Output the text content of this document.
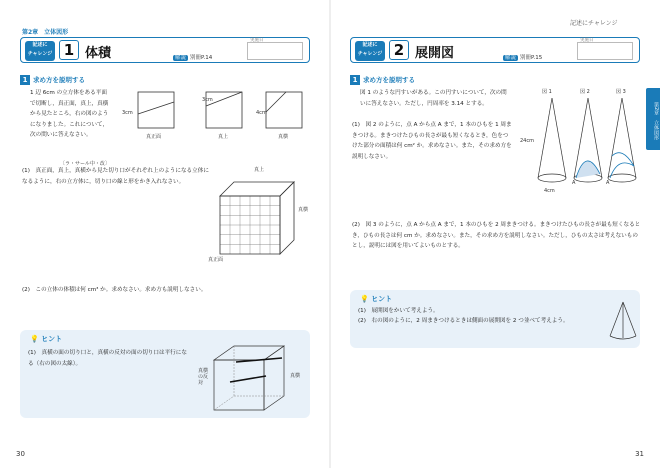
第2章　立体図形
記述に
チャレンジ 1 体積	解説 別冊P.14
実施日
1 求め方を説明する
1 辺 6cm の立方体をある平面で切断し，真正面，真上，真横から見たところ，右の図のようになりました。これについて，次の問いに答えなさい。
〔ラ・サール中・改〕
3cm
3cm
4cm
真正面	真上	真横
(1)　真正面，真上，真横から見た切り口がそれぞれ上のようになる立体になるように，右の立方体に，切り口の線と形をかき入れなさい。
真上
真横
真正面
(2)　この立体の体積は何 cm³ か。求めなさい。求め方も説明しなさい。
💡 ヒント
(1)　真横の面の切り口と，真横の反対の面の切り口は平行になる（右の図の太線）。
真横
真横の反対
30
記述にチャレンジ
記述に
チャレンジ 2 展開図	解説 別冊P.15
実施日
1 求め方を説明する
図 1 のような円すいがある。この円すいについて，次の問いに答えなさい。ただし，円周率を 3.14 とする。
(1)　図 2 のように，点 A から点 A まで，1 本のひもを 1 周まきつける。まきつけたひもの長さが最も短くなるとき，色をつけた部分の面積は何 cm² か。求めなさい。また，その求め方を説明しなさい。
図 1	図 2	図 3
24cm
4cm
A	A
(2)　図 3 のように，点 A から点 A まで，1 本のひもを 2 周まきつける。まきつけたひもの長さが最も短くなるとき，ひもの長さは何 cm か。求めなさい。また，その求め方を説明しなさい。ただし，ひもの太さは考えないものとし，説明には図を用いてよいものとする。
💡 ヒント
(1)　展開図をかいて考えよう。
(2)　右の図のように，2 周まきつけるときは側面の展開図を 2 つ並べて考えよう。
31
第2章　立体図形
